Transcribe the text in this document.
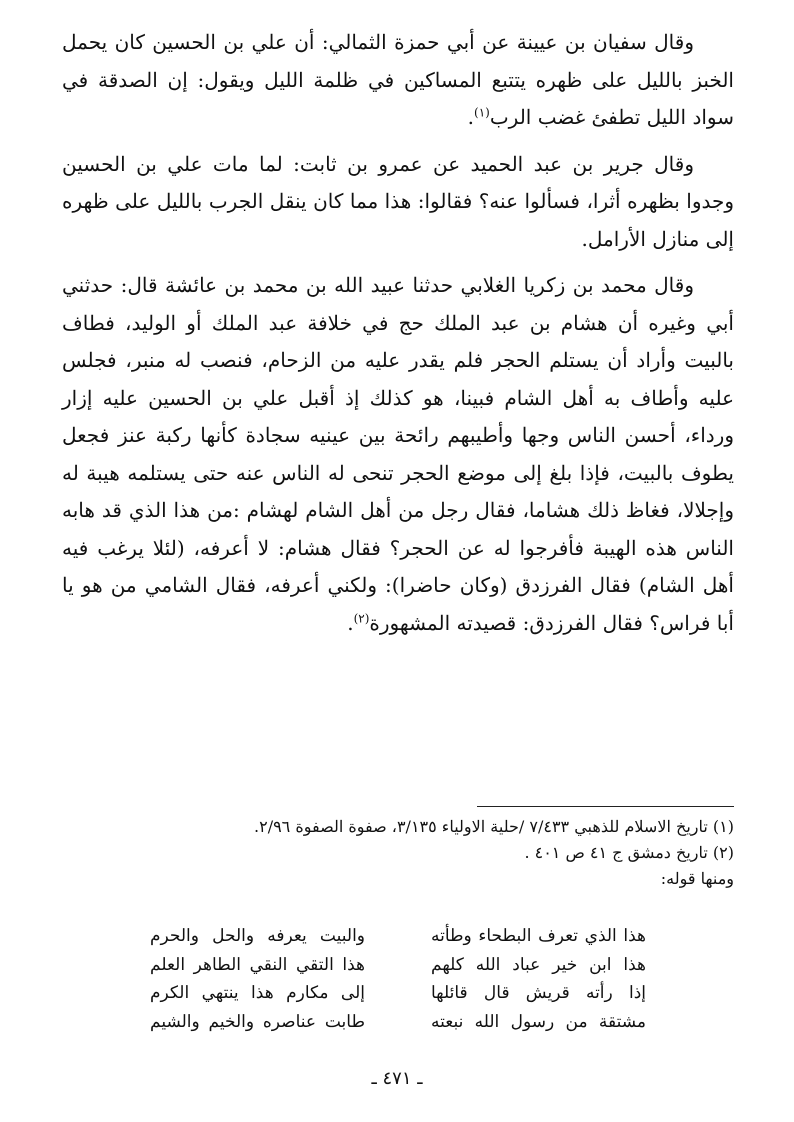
وقال سفيان بن عيينة عن أبي حمزة الثمالي: أن علي بن الحسين كان يحمل الخبز بالليل على ظهره يتتبع المساكين في ظلمة الليل ويقول: إن الصدقة في سواد الليل تطفئ غضب الرب$^{(١)}$.

وقال جرير بن عبد الحميد عن عمرو بن ثابت: لما مات علي بن الحسين وجدوا بظهره أثرا، فسألوا عنه؟ فقالوا: هذا مما كان ينقل الجرب بالليل على ظهره إلى منازل الأرامل.

وقال محمد بن زكريا الغلابي حدثنا عبيد الله بن محمد بن عائشة قال: حدثني أبي وغيره أن هشام بن عبد الملك حج في خلافة عبد الملك أو الوليد، فطاف بالبيت وأراد أن يستلم الحجر فلم يقدر عليه من الزحام، فنصب له منبر، فجلس عليه وأطاف به أهل الشام فبينا، هو كذلك إذ أقبل علي بن الحسين عليه إزار ورداء، أحسن الناس وجها وأطيبهم رائحة بين عينيه سجادة كأنها ركبة عنز فجعل يطوف بالبيت، فإذا بلغ إلى موضع الحجر تنحى له الناس عنه حتى يستلمه هيبة له وإجلالا، فغاظ ذلك هشاما، فقال رجل من أهل الشام لهشام :من هذا الذي قد هابه الناس هذه الهيبة فأفرجوا له عن الحجر؟ فقال هشام: لا أعرفه، (لئلا يرغب فيه أهل الشام) فقال الفرزدق (وكان حاضرا): ولكني أعرفه، فقال الشامي من هو يا أبا فراس؟ فقال الفرزدق: قصيدته المشهورة$^{(٢)}$.

(١) تاريخ الاسلام للذهبي ٧/٤٣٣ /حلية الاولياء ٣/١٣٥، صفوة الصفوة ٢/٩٦.
(٢) تاريخ دمشق ج ٤١ ص ٤٠١ .
ومنها قوله:
هذا الذي تعرف البطحاء وطأته
والبيت يعرفه والحل والحرم
هذا ابن خير عباد الله كلهم
هذا التقي النقي الطاهر العلم
إذا رأته قريش قال قائلها
إلى مكارم هذا ينتهي الكرم
مشتقة من رسول الله نبعته
طابت عناصره والخيم والشيم
ـ ٤٧١ ـ
